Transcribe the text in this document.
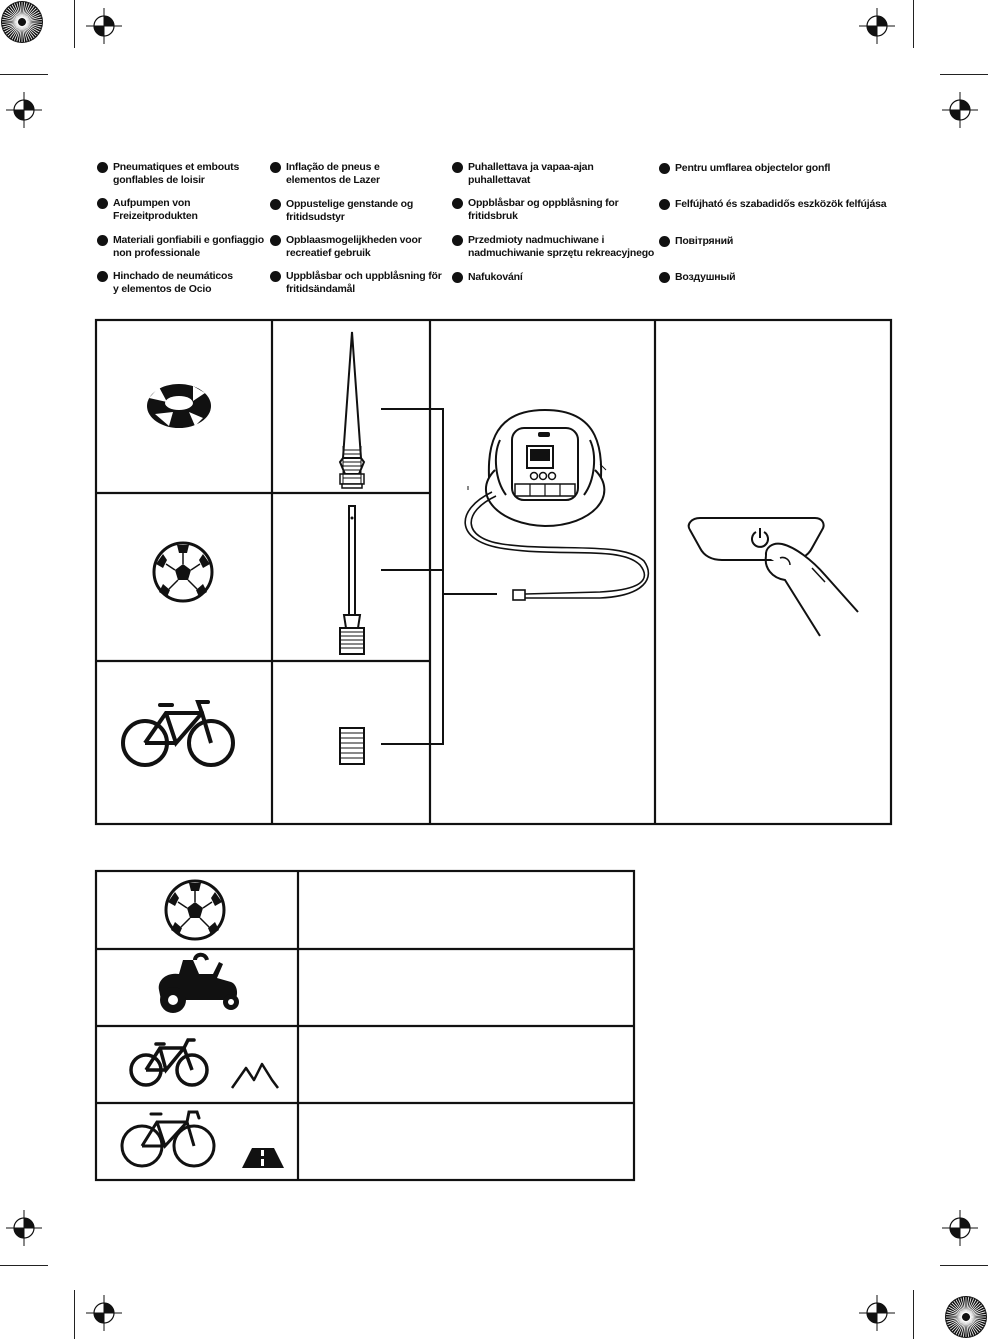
Pneumatiques et embouts
gonflables de loisir
Inflação de pneus e
elementos de Lazer
Puhallettava ja vapaa-ajan
puhallettavat
Pentru umflarea objectelor gonfl
Aufpumpen von
Freizeitprodukten
Oppustelige genstande og
fritidsudstyr
Oppblåsbar og oppblåsning for
fritidsbruk
Felfújható és szabadidős eszközök felfújása
Materiali gonfiabili e gonfiaggio
non professionale
Opblaasmogelijkheden voor
recreatief gebruik
Przedmioty nadmuchiwane i
nadmuchiwanie sprzętu rekreacyjnego
Повітряний
Hinchado de neumáticos
y elementos de Ocio
Uppblåsbar och uppblåsning för
fritidsändamål
Nafukování	Воздушный
